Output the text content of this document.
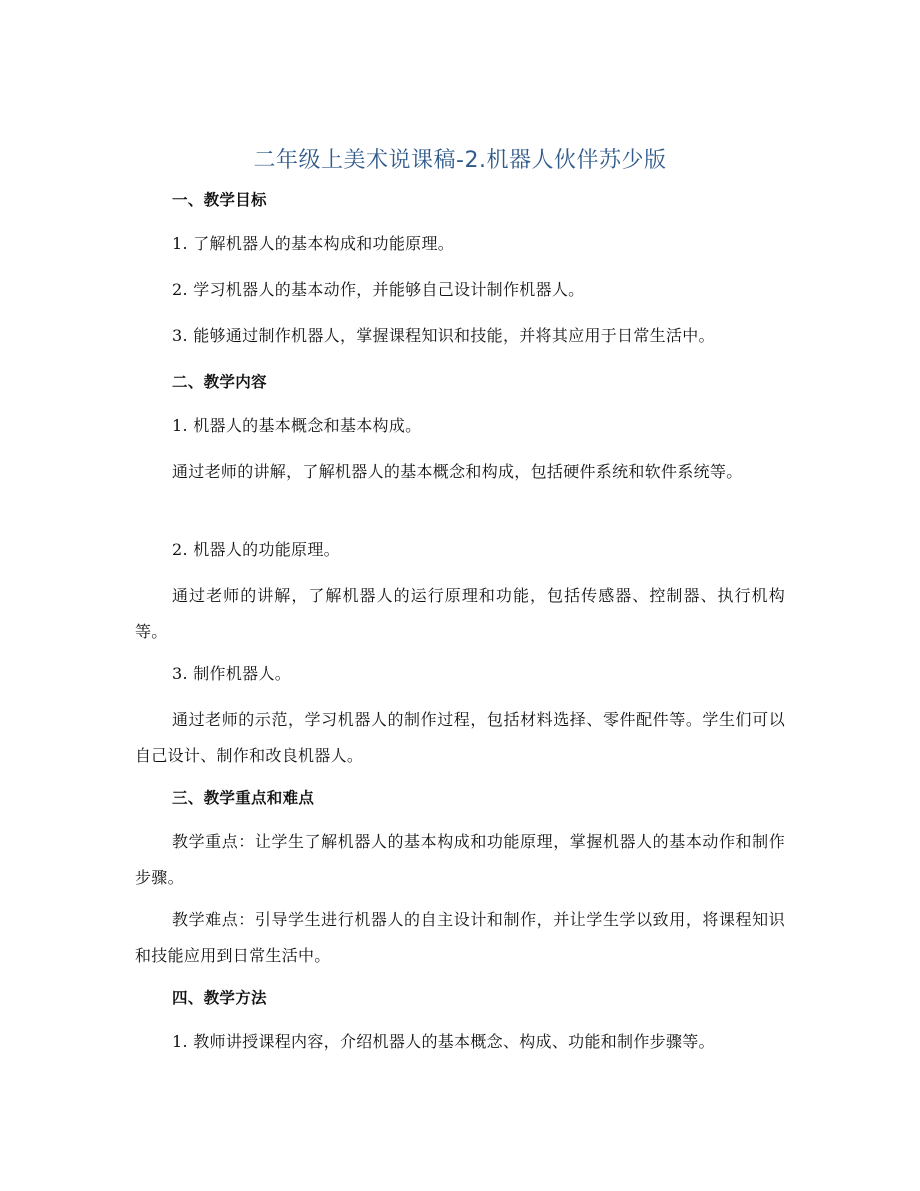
二年级上美术说课稿-2.机器人伙伴苏少版
一、教学目标
1. 了解机器人的基本构成和功能原理。
2. 学习机器人的基本动作，并能够自己设计制作机器人。
3. 能够通过制作机器人，掌握课程知识和技能，并将其应用于日常生活中。
二、教学内容
1. 机器人的基本概念和基本构成。
通过老师的讲解，了解机器人的基本概念和构成，包括硬件系统和软件系统等。
2. 机器人的功能原理。
通过老师的讲解，了解机器人的运行原理和功能，包括传感器、控制器、执行机构等。
3. 制作机器人。
通过老师的示范，学习机器人的制作过程，包括材料选择、零件配件等。学生们可以自己设计、制作和改良机器人。
三、教学重点和难点
教学重点：让学生了解机器人的基本构成和功能原理，掌握机器人的基本动作和制作步骤。
教学难点：引导学生进行机器人的自主设计和制作，并让学生学以致用，将课程知识和技能应用到日常生活中。
四、教学方法
1. 教师讲授课程内容，介绍机器人的基本概念、构成、功能和制作步骤等。
